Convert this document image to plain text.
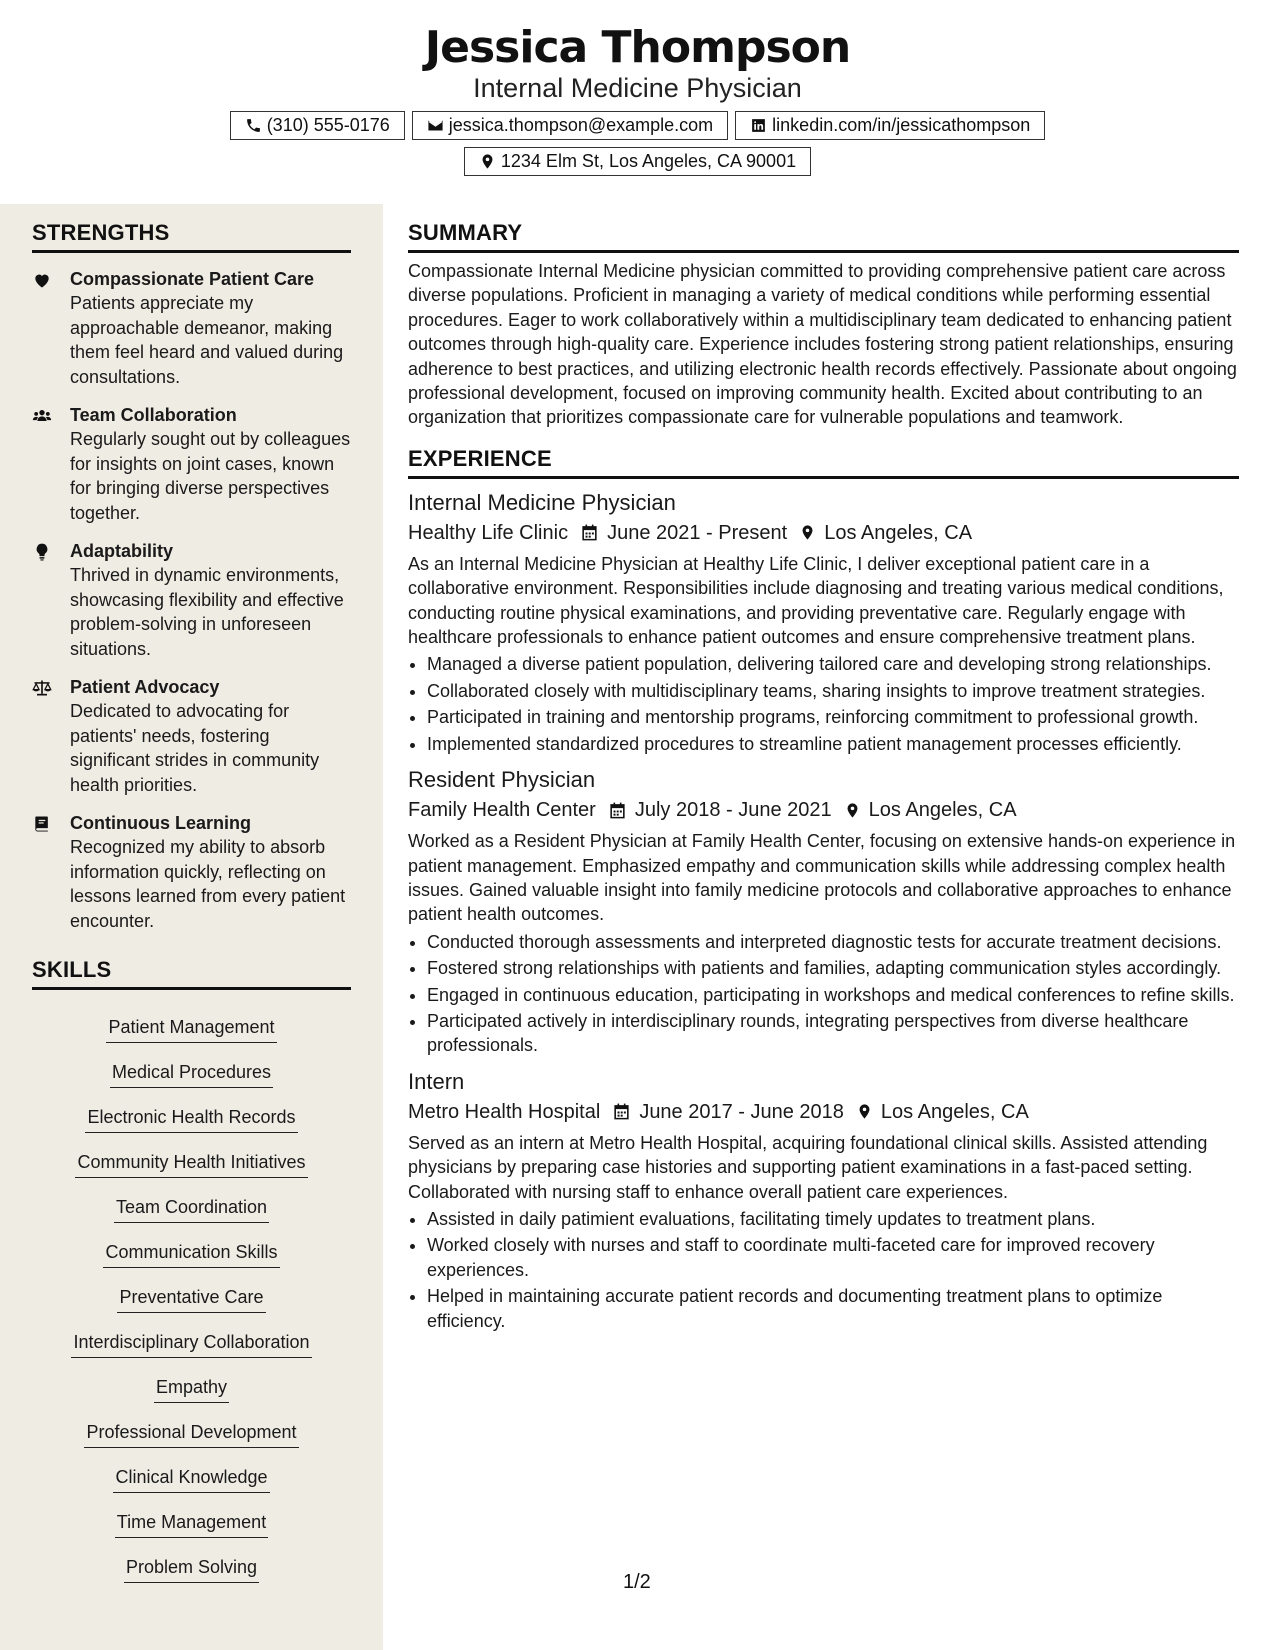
Jessica Thompson
Internal Medicine Physician
(310) 555-0176	jessica.thompson@example.com	linkedin.com/in/jessicathompson
1234 Elm St, Los Angeles, CA 90001
STRENGTHS
Compassionate Patient Care
Patients appreciate my approachable demeanor, making them feel heard and valued during consultations.
Team Collaboration
Regularly sought out by colleagues for insights on joint cases, known for bringing diverse perspectives together.
Adaptability
Thrived in dynamic environments, showcasing flexibility and effective problem-solving in unforeseen situations.
Patient Advocacy
Dedicated to advocating for patients' needs, fostering significant strides in community health priorities.
Continuous Learning
Recognized my ability to absorb information quickly, reflecting on lessons learned from every patient encounter.
SKILLS
Patient Management
Medical Procedures
Electronic Health Records
Community Health Initiatives
Team Coordination
Communication Skills
Preventative Care
Interdisciplinary Collaboration
Empathy
Professional Development
Clinical Knowledge
Time Management
Problem Solving
SUMMARY
Compassionate Internal Medicine physician committed to providing comprehensive patient care across diverse populations. Proficient in managing a variety of medical conditions while performing essential procedures. Eager to work collaboratively within a multidisciplinary team dedicated to enhancing patient outcomes through high-quality care. Experience includes fostering strong patient relationships, ensuring adherence to best practices, and utilizing electronic health records effectively. Passionate about ongoing professional development, focused on improving community health. Excited about contributing to an organization that prioritizes compassionate care for vulnerable populations and teamwork.
EXPERIENCE
Internal Medicine Physician
Healthy Life Clinic June 2021 - Present Los Angeles, CA
As an Internal Medicine Physician at Healthy Life Clinic, I deliver exceptional patient care in a collaborative environment. Responsibilities include diagnosing and treating various medical conditions, conducting routine physical examinations, and providing preventative care. Regularly engage with healthcare professionals to enhance patient outcomes and ensure comprehensive treatment plans.
• Managed a diverse patient population, delivering tailored care and developing strong relationships.
• Collaborated closely with multidisciplinary teams, sharing insights to improve treatment strategies.
• Participated in training and mentorship programs, reinforcing commitment to professional growth.
• Implemented standardized procedures to streamline patient management processes efficiently.
Resident Physician
Family Health Center July 2018 - June 2021 Los Angeles, CA
Worked as a Resident Physician at Family Health Center, focusing on extensive hands-on experience in patient management. Emphasized empathy and communication skills while addressing complex health issues. Gained valuable insight into family medicine protocols and collaborative approaches to enhance patient health outcomes.
• Conducted thorough assessments and interpreted diagnostic tests for accurate treatment decisions.
• Fostered strong relationships with patients and families, adapting communication styles accordingly.
• Engaged in continuous education, participating in workshops and medical conferences to refine skills.
• Participated actively in interdisciplinary rounds, integrating perspectives from diverse healthcare professionals.
Intern
Metro Health Hospital June 2017 - June 2018 Los Angeles, CA
Served as an intern at Metro Health Hospital, acquiring foundational clinical skills. Assisted attending physicians by preparing case histories and supporting patient examinations in a fast-paced setting. Collaborated with nursing staff to enhance overall patient care experiences.
• Assisted in daily patimient evaluations, facilitating timely updates to treatment plans.
• Worked closely with nurses and staff to coordinate multi-faceted care for improved recovery experiences.
• Helped in maintaining accurate patient records and documenting treatment plans to optimize efficiency.
1/2
